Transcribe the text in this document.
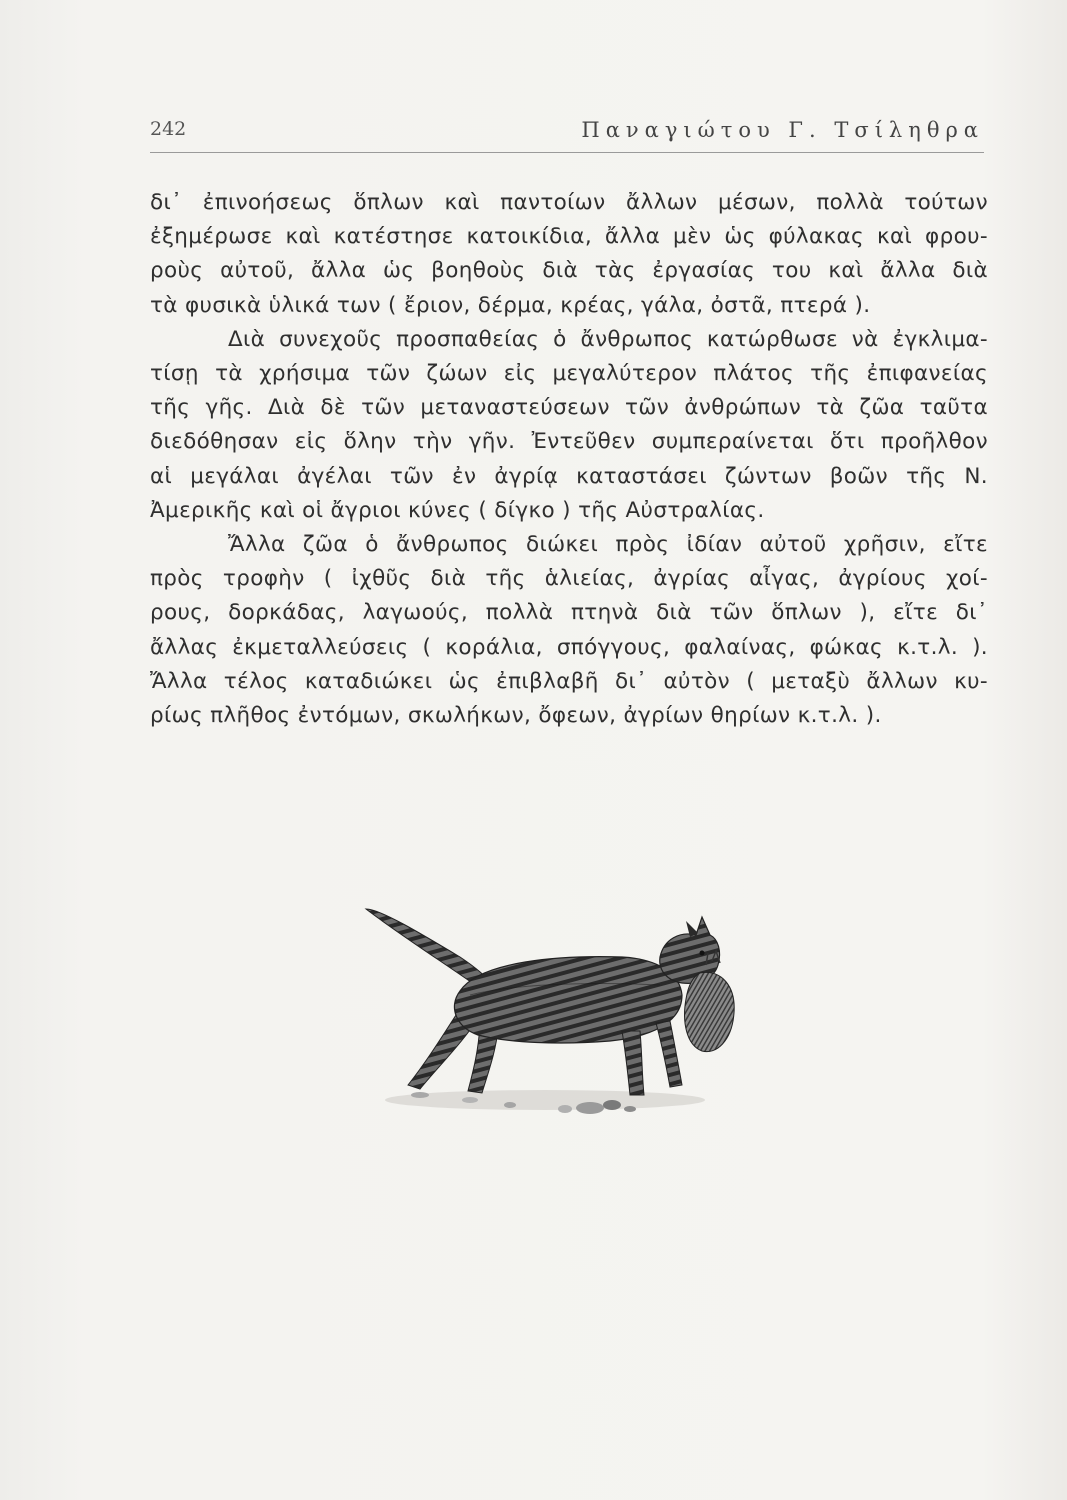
242	Παναγιώτου Γ. Τσίληθρα
δι᾽ ἐπινοήσεως ὅπλων καὶ παντοίων ἄλλων μέσων, πολλὰ τούτων
ἐξημέρωσε καὶ κατέστησε κατοικίδια, ἄλλα μὲν ὡς φύλακας καὶ φρου-
ροὺς αὐτοῦ, ἄλλα ὡς βοηθοὺς διὰ τὰς ἐργασίας του καὶ ἄλλα διὰ
τὰ φυσικὰ ὑλικά των ( ἔριον, δέρμα, κρέας, γάλα, ὀστᾶ, πτερά ).
Διὰ συνεχοῦς προσπαθείας ὁ ἄνθρωπος κατώρθωσε νὰ ἐγκλιμα-
τίσῃ τὰ χρήσιμα τῶν ζώων εἰς μεγαλύτερον πλάτος τῆς ἐπιφανείας
τῆς γῆς. Διὰ δὲ τῶν μεταναστεύσεων τῶν ἀνθρώπων τὰ ζῶα ταῦτα
διεδόθησαν εἰς ὅλην τὴν γῆν. Ἐντεῦθεν συμπεραίνεται ὅτι προῆλθον
αἱ μεγάλαι ἀγέλαι τῶν ἐν ἀγρίᾳ καταστάσει ζώντων βοῶν τῆς Ν.
Ἀμερικῆς καὶ οἱ ἄγριοι κύνες ( δίγκο ) τῆς Αὐστραλίας.
Ἄλλα ζῶα ὁ ἄνθρωπος διώκει πρὸς ἰδίαν αὐτοῦ χρῆσιν, εἴτε
πρὸς τροφὴν ( ἰχθῦς διὰ τῆς ἁλιείας, ἀγρίας αἶγας, ἀγρίους χοί-
ρους, δορκάδας, λαγωούς, πολλὰ πτηνὰ διὰ τῶν ὅπλων ), εἴτε δι᾽
ἄλλας ἐκμεταλλεύσεις ( κοράλια, σπόγγους, φαλαίνας, φώκας κ.τ.λ. ).
Ἄλλα τέλος καταδιώκει ὡς ἐπιβλαβῆ δι᾽ αὐτὸν ( μεταξὺ ἄλλων κυ-
ρίως πλῆθος ἐντόμων, σκωλήκων, ὄφεων, ἀγρίων θηρίων κ.τ.λ. ).
